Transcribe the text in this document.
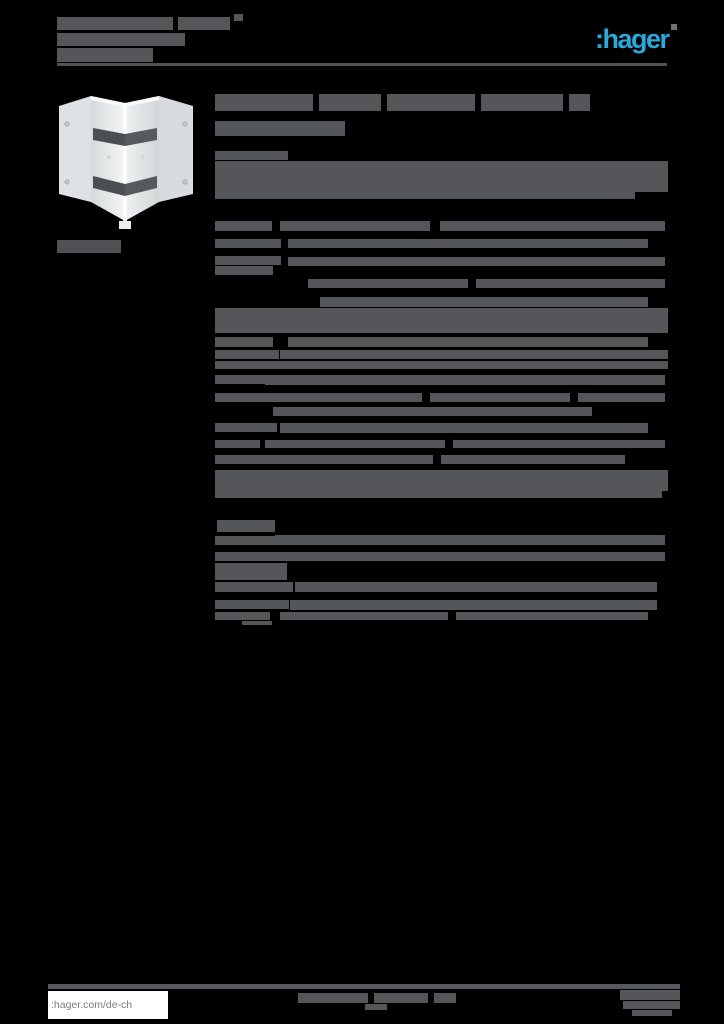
:hager
:hager.com/de-ch
